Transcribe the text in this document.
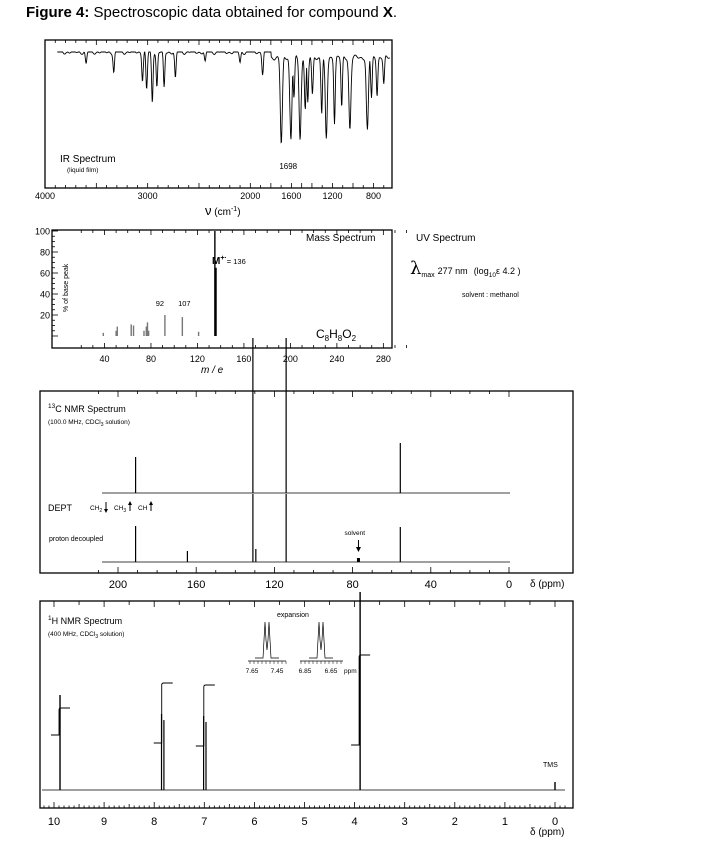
Figure 4: Spectroscopic data obtained for compound X.
IR Spectrum
(liquid film)	1698
4000	3000	2000 1600 1200	800
ν $(cm^{-1})$
100
80
60
40
20
% of base peak	92 107
Mass Spectrum
$M^{+\cdot}_{= 136}$
$C_8H_8O_2$
40	80	120	160	200	240	280
m / e
UV Spectrum
$\lambda_{max}$ 277 nm ($\log_{10}\varepsilon$ 4.2 )
solvent : methanol
$^{13}$C NMR Spectrum
(100.0 MHz, CDCl$_3$ solution)
DEPT	$CH_2$ $CH_3$ CH
proton decoupled
solvent
200	160	120	80	40	0 δ (ppm)
$^1$H NMR Spectrum
(400 MHz, CDCl$_3$ solution)
expansion
7.65 7.45 6.85 6.65 ppm
TMS
10	9	8	7	6	5	4	3	2	1	0
δ (ppm)
